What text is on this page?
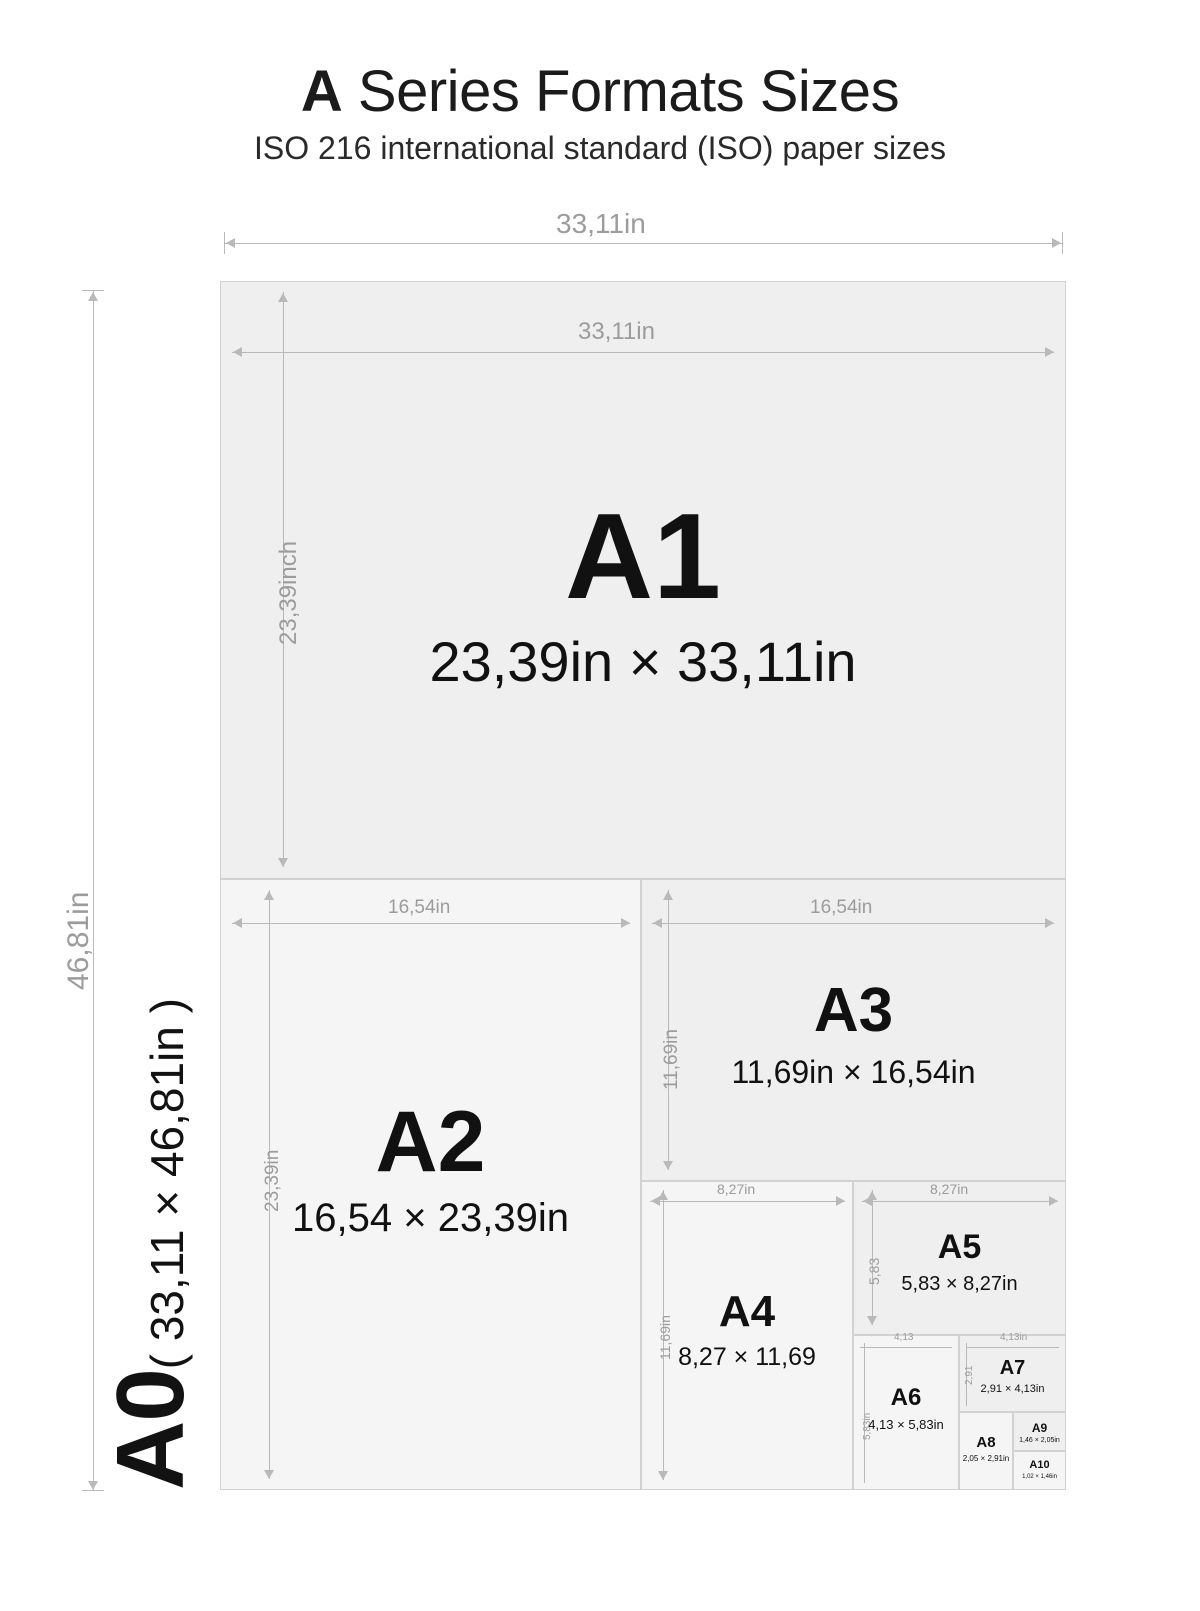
A Series Formats Sizes
ISO 216 international standard (ISO) paper sizes
33,11in
46,81in
A0( 33,11 × 46,81in )
A1
23,39in × 33,11in
33,11in
23,39inch
A2
16,54 × 23,39in
16,54in
23,39in
A3
11,69in × 16,54in
16,54in
11,69in
A4
8,27 × 11,69
8,27in
11,69in
A5
5,83 × 8,27in
8,27in
5,83
A6
4,13 × 5,83in
4,13
5,83in
A7
2,91 × 4,13in
4,13in
2,91
A8
2,05 × 2,91in
A9
1,46 × 2,05in
A10
1,02 × 1,46in
